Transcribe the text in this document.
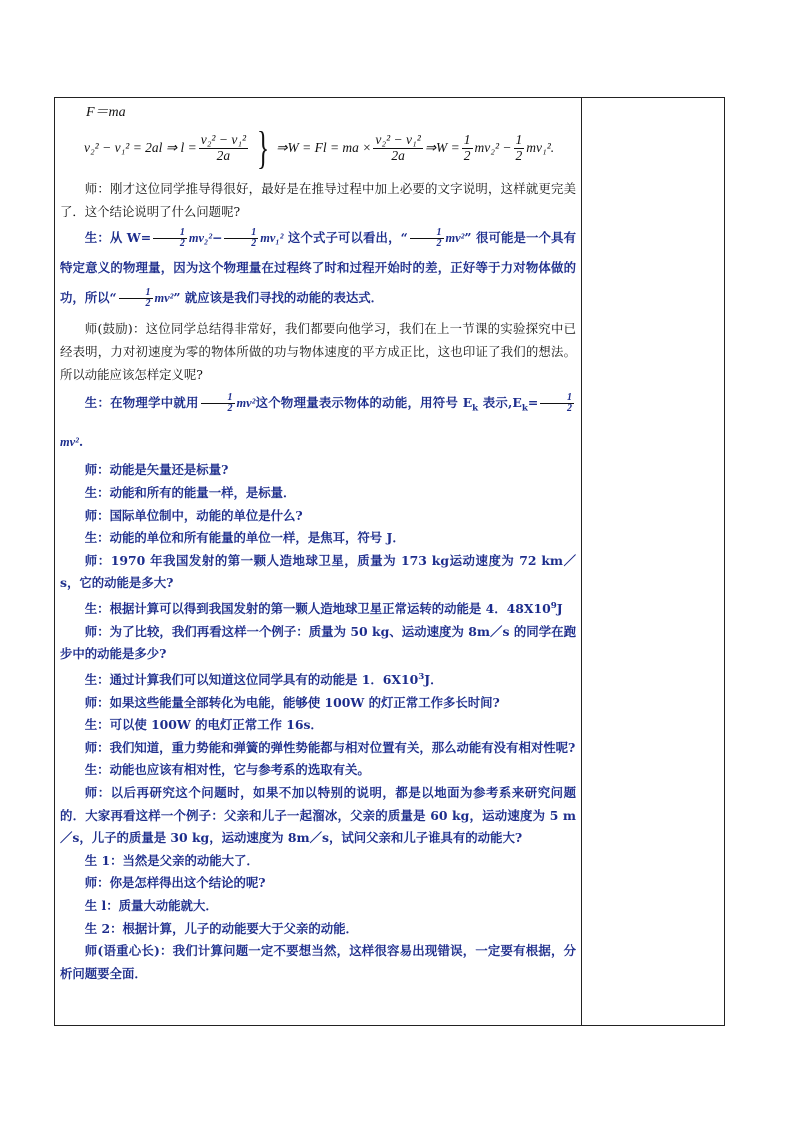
F＝ma
v₂² − v₁² = 2al ⇒ $l = \frac{\text{v₂² − v₁²}}{2a}$ } ⇒W = Fl = ma × $\frac{\text{v₂² − v₁²}}{2a}$ ⇒W = $\frac{1}{2} mv_2^2 - \frac{1}{2} mv_1^2$.

师：刚才这位同学推导得很好，最好是在推导过程中加上必要的文字说明，这样就更完美了．这个结论说明了什么问题呢?

生：从 $W= \frac{1}{2} mv_2^2- \frac{1}{2} mv_1^2$ 这个式子可以看出，“ $\frac{1}{2} mv^2$” 很可能是一个具有特定意义的物理量，因为这个物理量在过程终了时和过程开始时的差，正好等于力对物体做的功，所以“ $\frac{1}{2} mv^2$” 就应该是我们寻找的动能的表达式．

师(鼓励)：这位同学总结得非常好，我们都要向他学习，我们在上一节课的实验探究中已经表明，力对初速度为零的物体所做的功与物体速度的平方成正比，这也印证了我们的想法。所以动能应该怎样定义呢?

生：在物理学中就用 $\frac{1}{2} mv^2$这个物理量表示物体的动能，用符号 $E_k$ 表示$,E_k= \frac{1}{2}$
mv².

师：动能是矢量还是标量?

生：动能和所有的能量一样，是标量．

师：国际单位制中，动能的单位是什么?

生：动能的单位和所有能量的单位一样，是焦耳，符号 J．

师：1970 年我国发射的第一颗人造地球卫星，质量为 173 kg运动速度为 72 km／s，它的动能是多大?

生：根据计算可以得到我国发射的第一颗人造地球卫星正常运转的动能是 4．$48X10^9J$

师：为了比较，我们再看这样一个例子：质量为 50 kg、运动速度为 8m／s 的同学在跑步中的动能是多少?

生：通过计算我们可以知道这位同学具有的动能是 1．$6X10^3J$．

师：如果这些能量全部转化为电能，能够使 100W 的灯正常工作多长时间?

生：可以使 100W 的电灯正常工作 16s．

师：我们知道，重力势能和弹簧的弹性势能都与相对位置有关，那么动能有没有相对性呢?

生：动能也应该有相对性，它与参考系的选取有关。

师：以后再研究这个问题时，如果不加以特别的说明，都是以地面为参考系来研究问题的．大家再看这样一个例子：父亲和儿子一起溜冰，父亲的质量是 60 kg，运动速度为 5 m／s，儿子的质量是 30 kg，运动速度为 8m／s，试问父亲和儿子谁具有的动能大?

生 1：当然是父亲的动能大了．

师：你是怎样得出这个结论的呢?

生 l：质量大动能就大．

生 2：根据计算，儿子的动能要大于父亲的动能．

师(语重心长)：我们计算问题一定不要想当然，这样很容易出现错误，一定要有根据，分析问题要全面．
